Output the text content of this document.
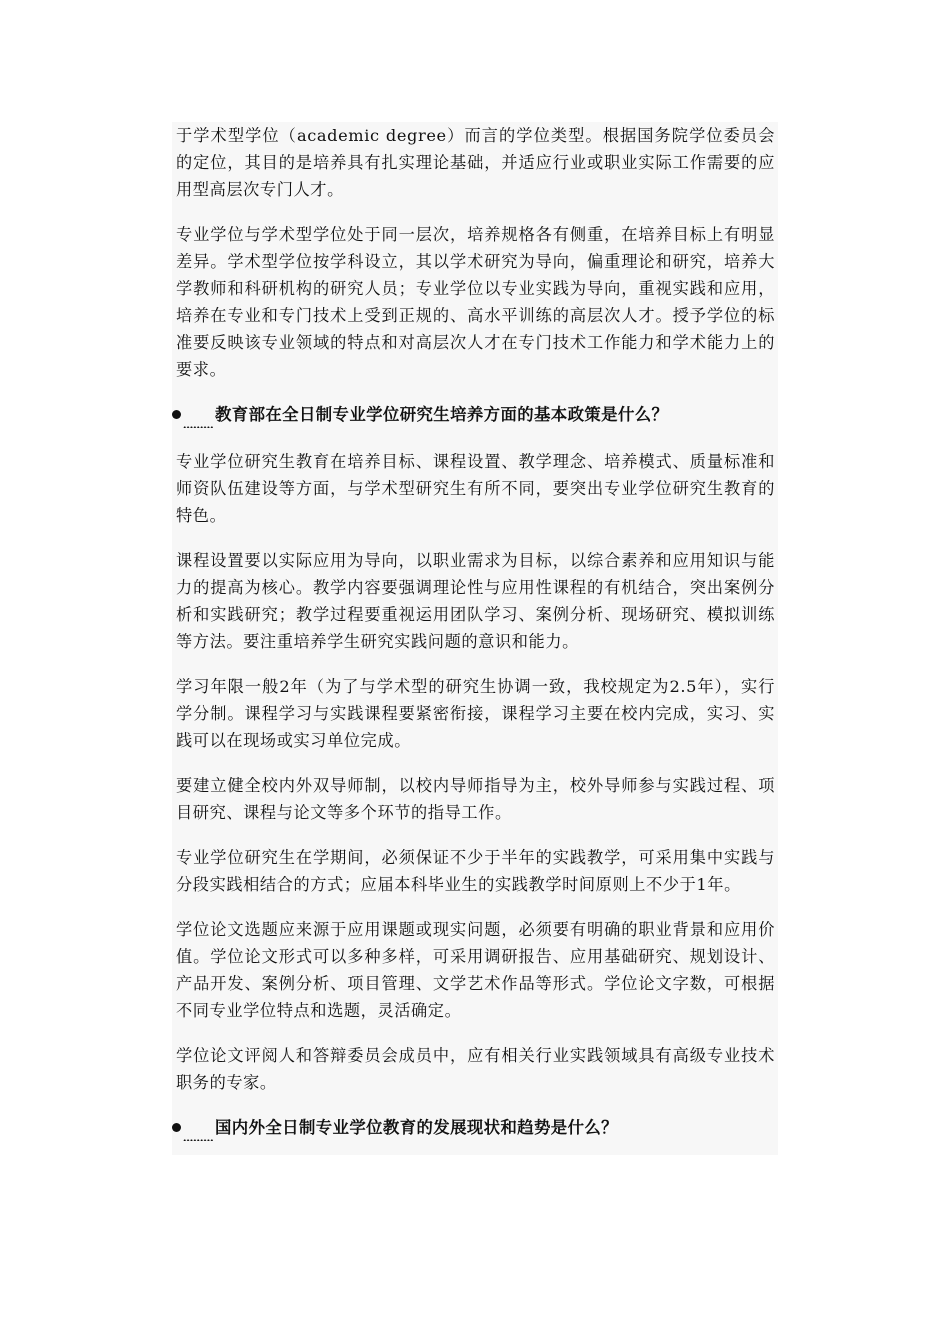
于学术型学位（academic degree）而言的学位类型。根据国务院学位委员会的定位，其目的是培养具有扎实理论基础，并适应行业或职业实际工作需要的应用型高层次专门人才。

专业学位与学术型学位处于同一层次，培养规格各有侧重，在培养目标上有明显差异。学术型学位按学科设立，其以学术研究为导向，偏重理论和研究，培养大学教师和科研机构的研究人员；专业学位以专业实践为导向，重视实践和应用，培养在专业和专门技术上受到正规的、高水平训练的高层次人才。授予学位的标准要反映该专业领域的特点和对高层次人才在专门技术工作能力和学术能力上的要求。

教育部在全日制专业学位研究生培养方面的基本政策是什么？

专业学位研究生教育在培养目标、课程设置、教学理念、培养模式、质量标准和师资队伍建设等方面，与学术型研究生有所不同，要突出专业学位研究生教育的特色。

课程设置要以实际应用为导向，以职业需求为目标，以综合素养和应用知识与能力的提高为核心。教学内容要强调理论性与应用性课程的有机结合，突出案例分析和实践研究；教学过程要重视运用团队学习、案例分析、现场研究、模拟训练等方法。要注重培养学生研究实践问题的意识和能力。

学习年限一般2年（为了与学术型的研究生协调一致，我校规定为2.5年），实行学分制。课程学习与实践课程要紧密衔接，课程学习主要在校内完成，实习、实践可以在现场或实习单位完成。

要建立健全校内外双导师制，以校内导师指导为主，校外导师参与实践过程、项目研究、课程与论文等多个环节的指导工作。

专业学位研究生在学期间，必须保证不少于半年的实践教学，可采用集中实践与分段实践相结合的方式；应届本科毕业生的实践教学时间原则上不少于1年。

学位论文选题应来源于应用课题或现实问题，必须要有明确的职业背景和应用价值。学位论文形式可以多种多样，可采用调研报告、应用基础研究、规划设计、产品开发、案例分析、项目管理、文学艺术作品等形式。学位论文字数，可根据不同专业学位特点和选题，灵活确定。

学位论文评阅人和答辩委员会成员中，应有相关行业实践领域具有高级专业技术职务的专家。

国内外全日制专业学位教育的发展现状和趋势是什么？
